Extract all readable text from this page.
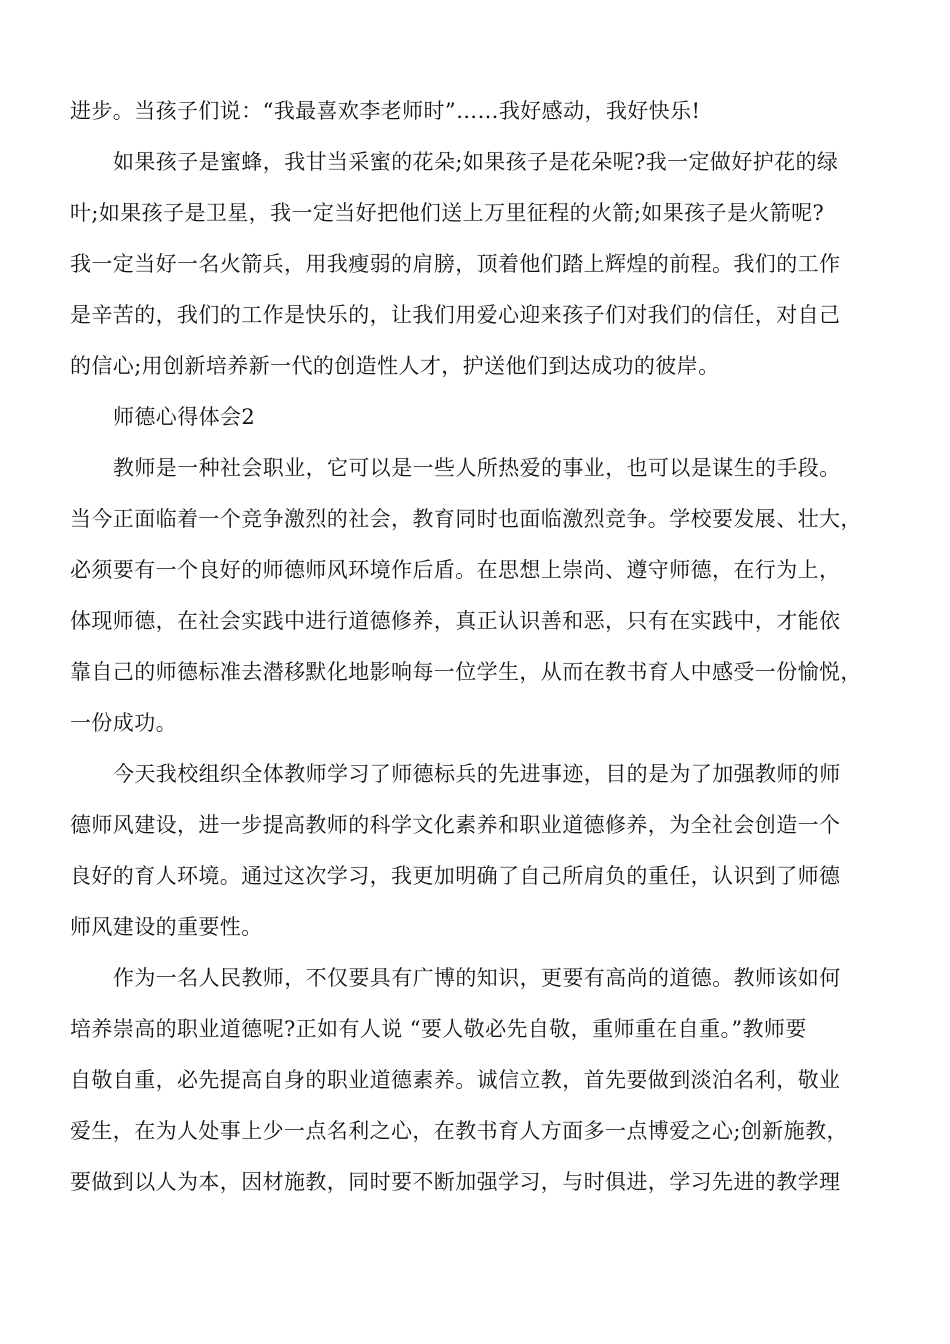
进步。当孩子们说：“我最喜欢李老师时”……我好感动，我好快乐!
如果孩子是蜜蜂，我甘当采蜜的花朵;如果孩子是花朵呢?我一定做好护花的绿
叶;如果孩子是卫星，我一定当好把他们送上万里征程的火箭;如果孩子是火箭呢?
我一定当好一名火箭兵，用我瘦弱的肩膀，顶着他们踏上辉煌的前程。我们的工作
是辛苦的，我们的工作是快乐的，让我们用爱心迎来孩子们对我们的信任，对自己
的信心;用创新培养新一代的创造性人才，护送他们到达成功的彼岸。
师德心得体会2
教师是一种社会职业，它可以是一些人所热爱的事业，也可以是谋生的手段。
当今正面临着一个竞争激烈的社会，教育同时也面临激烈竞争。学校要发展、壮大，
必须要有一个良好的师德师风环境作后盾。在思想上崇尚、遵守师德，在行为上，
体现师德，在社会实践中进行道德修养，真正认识善和恶，只有在实践中，才能依
靠自己的师德标准去潜移默化地影响每一位学生，从而在教书育人中感受一份愉悦，
一份成功。
今天我校组织全体教师学习了师德标兵的先进事迹，目的是为了加强教师的师
德师风建设，进一步提高教师的科学文化素养和职业道德修养，为全社会创造一个
良好的育人环境。通过这次学习，我更加明确了自己所肩负的重任，认识到了师德
师风建设的重要性。
作为一名人民教师，不仅要具有广博的知识，更要有高尚的道德。教师该如何
培养崇高的职业道德呢?正如有人说 “要人敬必先自敬，重师重在自重。”教师要
自敬自重，必先提高自身的职业道德素养。诚信立教，首先要做到淡泊名利，敬业
爱生，在为人处事上少一点名利之心，在教书育人方面多一点博爱之心;创新施教，
要做到以人为本，因材施教，同时要不断加强学习，与时俱进，学习先进的教学理
